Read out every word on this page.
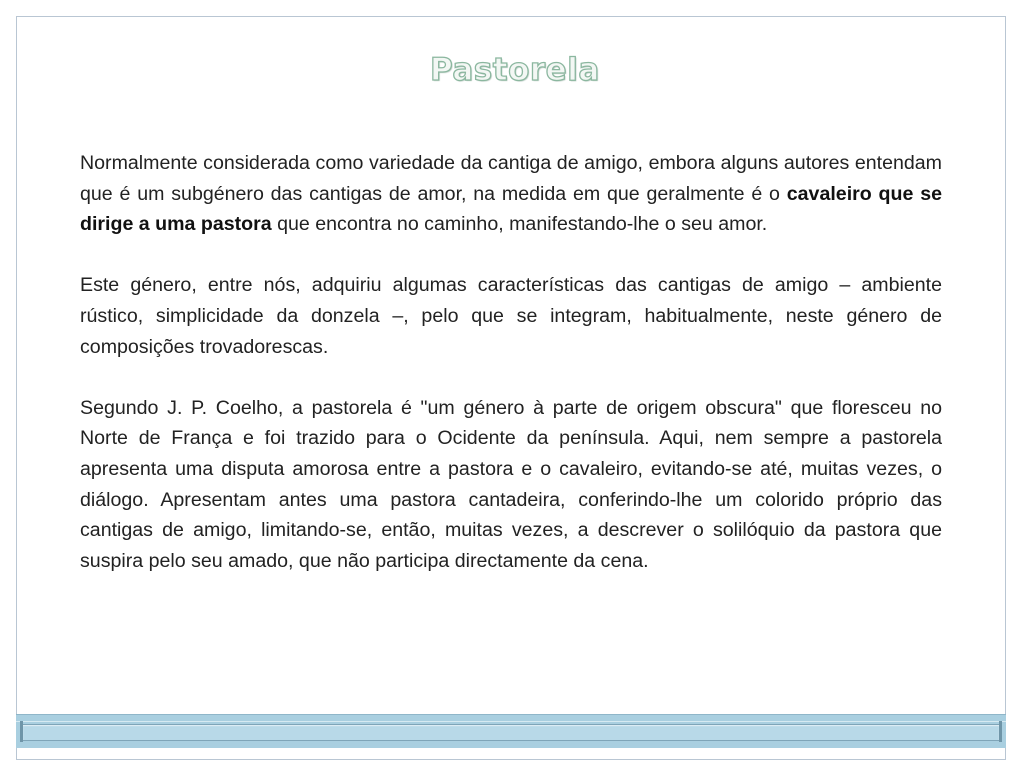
Pastorela

Normalmente considerada como variedade da cantiga de amigo, embora alguns autores entendam que é um subgénero das cantigas de amor, na medida em que geralmente é o cavaleiro que se dirige a uma pastora que encontra no caminho, manifestando-lhe o seu amor.

Este género, entre nós, adquiriu algumas características das cantigas de amigo – ambiente rústico, simplicidade da donzela –, pelo que se integram, habitualmente, neste género de composições trovadorescas.

Segundo J. P. Coelho, a pastorela é "um género à parte de origem obscura" que floresceu no Norte de França e foi trazido para o Ocidente da península. Aqui, nem sempre a pastorela apresenta uma disputa amorosa entre a pastora e o cavaleiro, evitando-se até, muitas vezes, o diálogo. Apresentam antes uma pastora cantadeira, conferindo-lhe um colorido próprio das cantigas de amigo, limitando-se, então, muitas vezes, a descrever o solilóquio da pastora que suspira pelo seu amado, que não participa directamente da cena.
